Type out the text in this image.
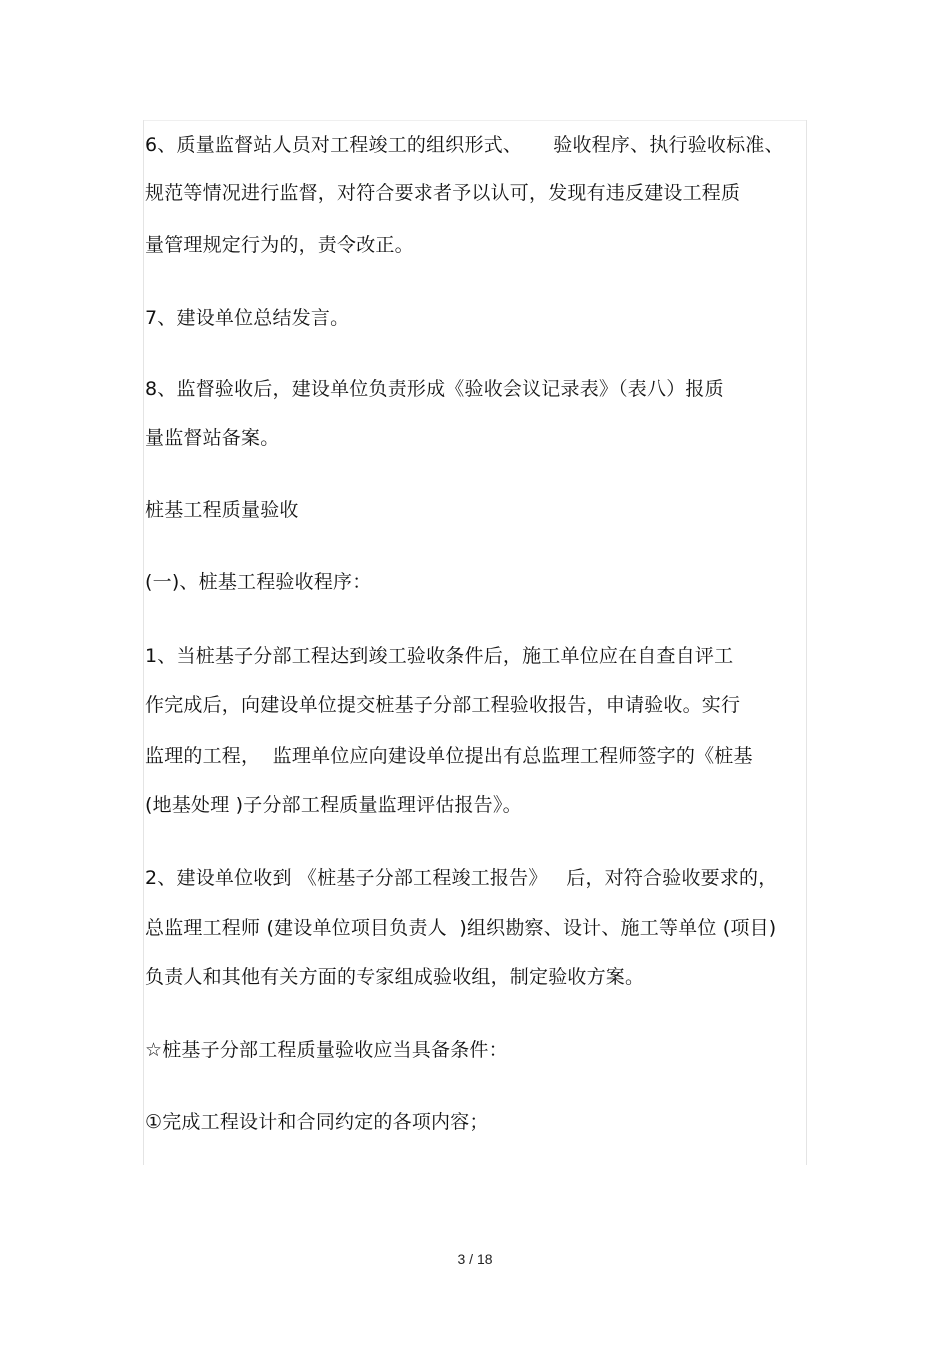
6、质量监督站人员对工程竣工的组织形式、     验收程序、执行验收标准、
规范等情况进行监督，对符合要求者予以认可，发现有违反建设工程质
量管理规定行为的，责令改正。
7、建设单位总结发言。
8、监督验收后，建设单位负责形成《验收会议记录表》（表八）报质
量监督站备案。
桩基工程质量验收
(一)、桩基工程验收程序：
1、当桩基子分部工程达到竣工验收条件后，施工单位应在自查自评工
作完成后，向建设单位提交桩基子分部工程验收报告，申请验收。实行
监理的工程，  监理单位应向建设单位提出有总监理工程师签字的《桩基
(地基处理 )子分部工程质量监理评估报告》。
2、建设单位收到 《桩基子分部工程竣工报告》   后，对符合验收要求的，
总监理工程师 (建设单位项目负责人  )组织勘察、设计、施工等单位 (项目)
负责人和其他有关方面的专家组成验收组，制定验收方案。
☆桩基子分部工程质量验收应当具备条件：
①完成工程设计和合同约定的各项内容；
3 / 18
